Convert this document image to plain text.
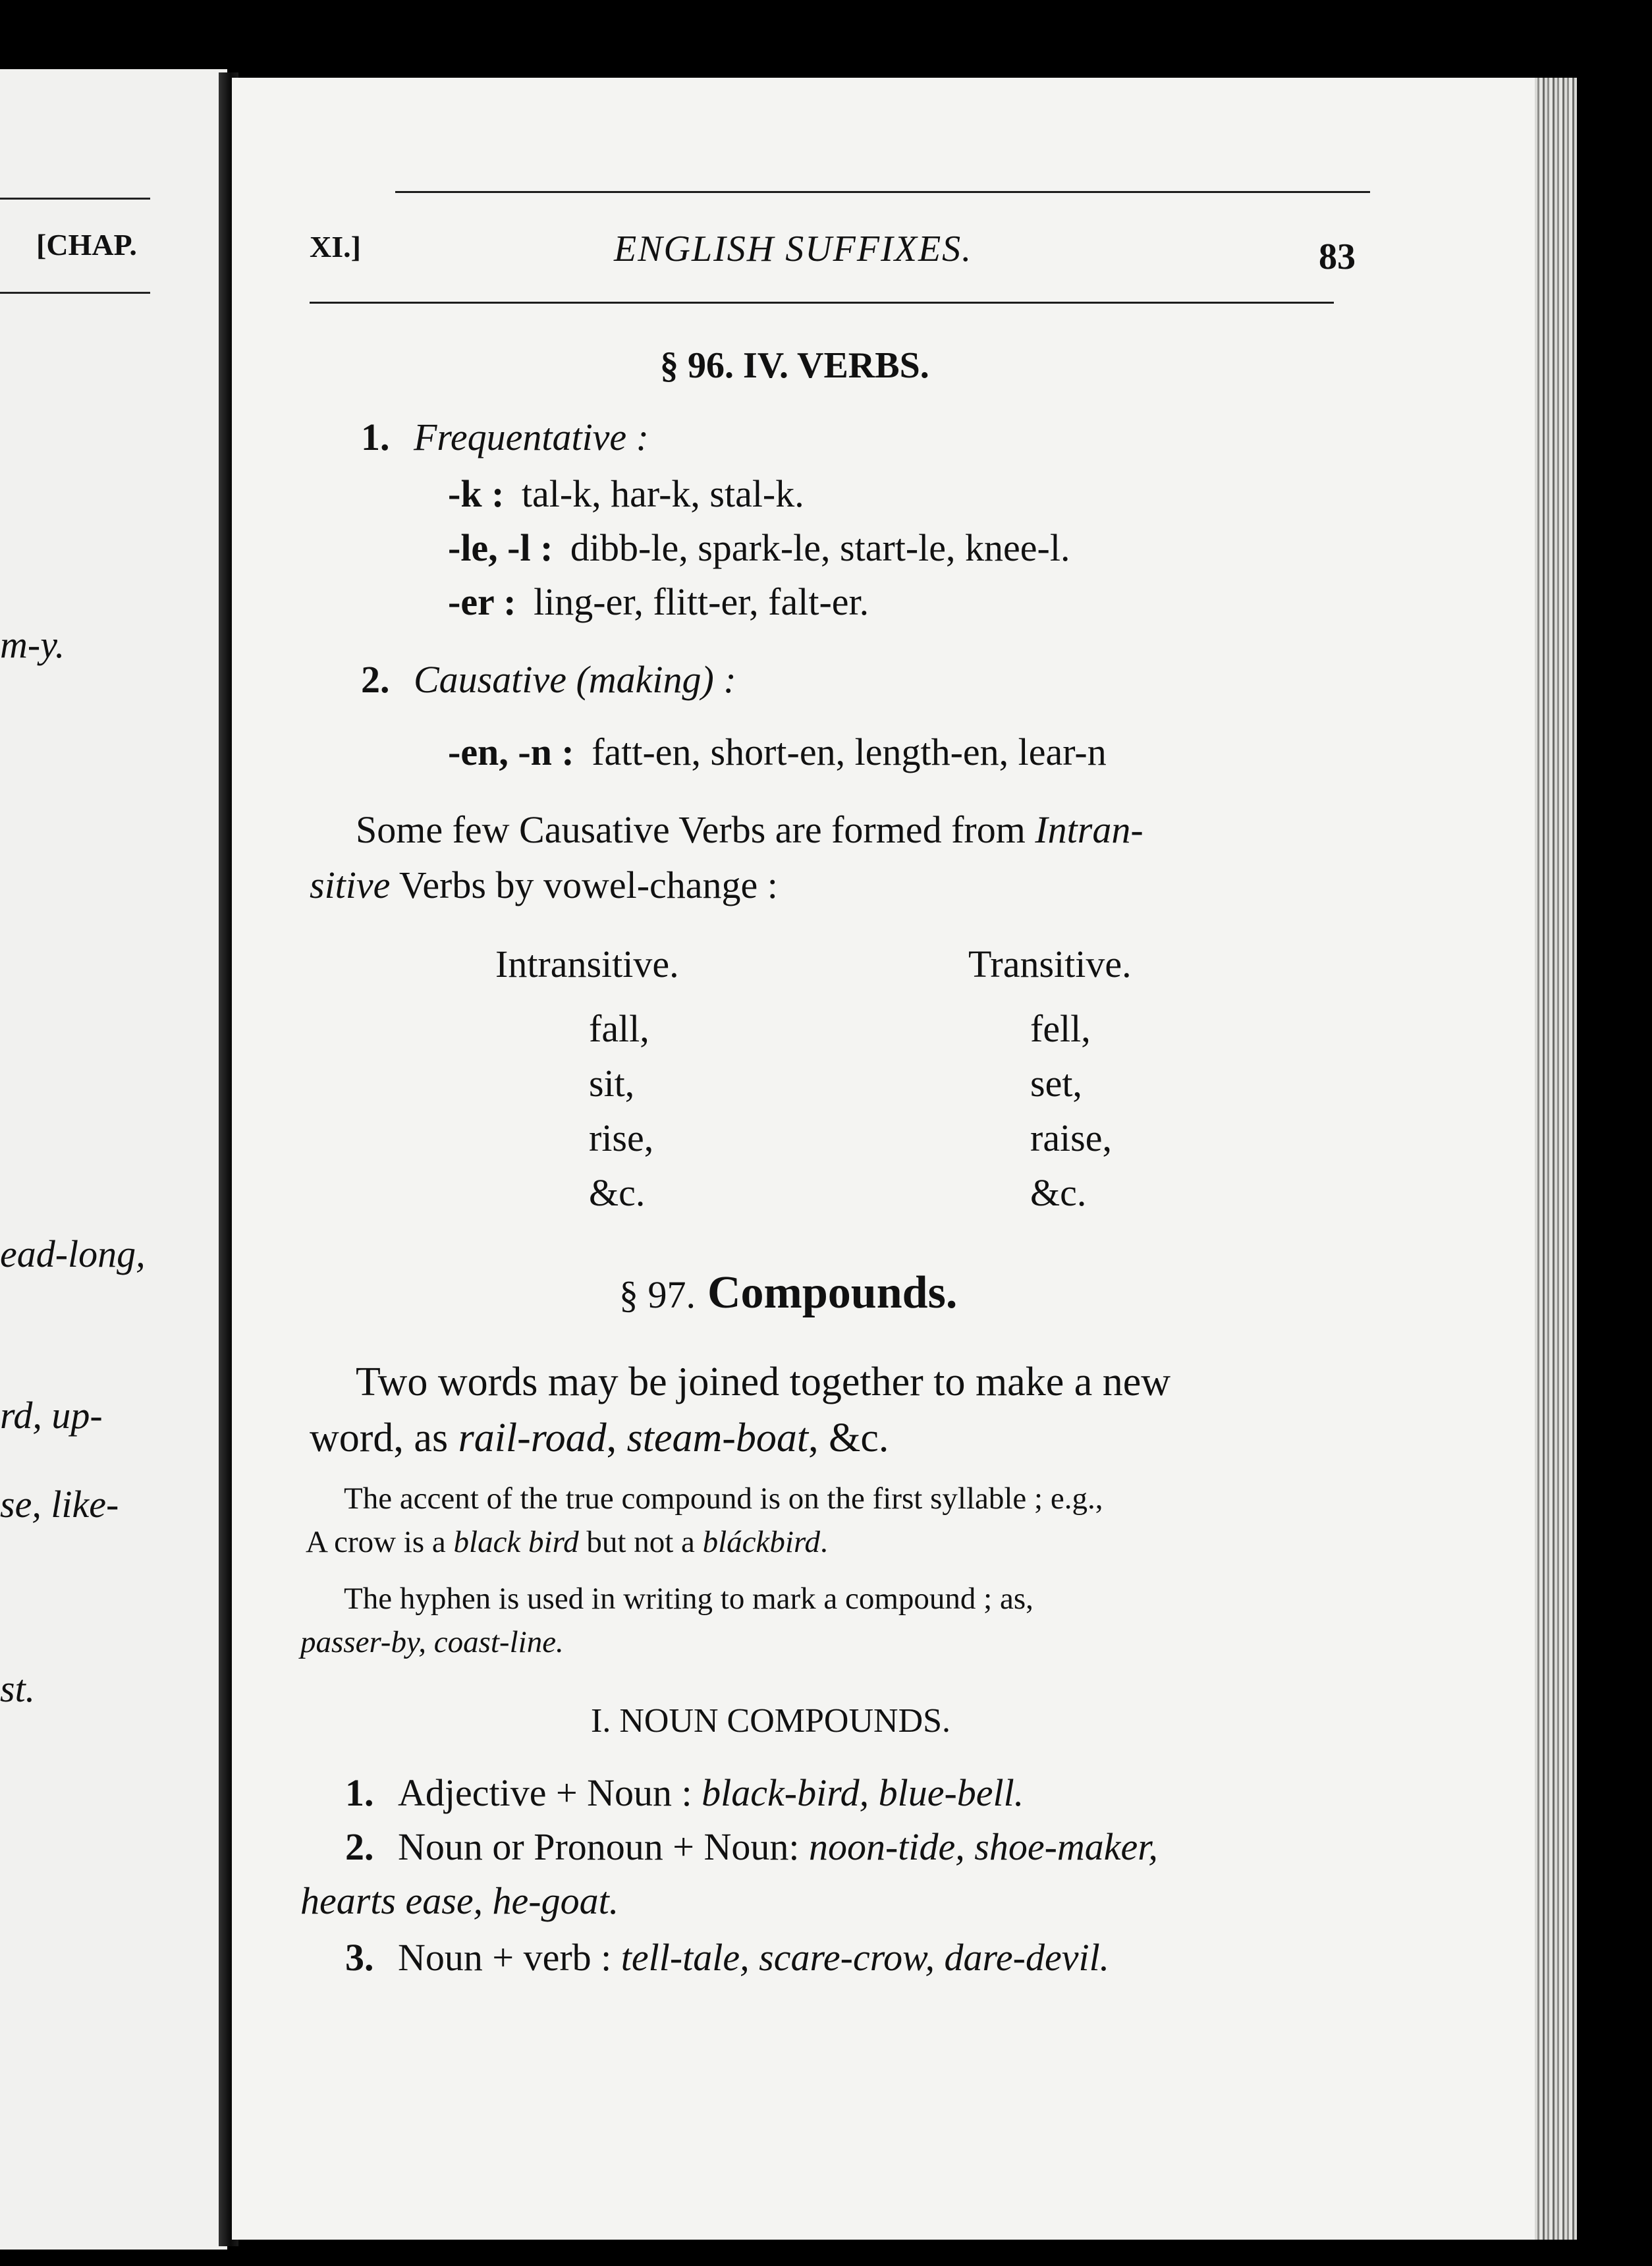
[CHAP.
m-y.
ead-long,
rd, up-
se, like-
st.
XI.]	ENGLISH SUFFIXES.	83
§ 96. IV. VERBS.
1. Frequentative :
-k : tal-k, har-k, stal-k.
-le, -l : dibb-le, spark-le, start-le, knee-l.
-er : ling-er, flitt-er, falt-er.
2. Causative (making) :
-en, -n : fatt-en, short-en, length-en, lear-n
Some few Causative Verbs are formed from Intran-
sitive Verbs by vowel-change :
Intransitive.	Transitive.
fall,	fell,
sit,	set,
rise,	raise,
&c.	&c.
§ 97. Compounds.
Two words may be joined together to make a new
word, as rail-road, steam-boat, &c.
The accent of the true compound is on the first syllable ; e.g.,
A crow is a black bird but not a bláckbird.
The hyphen is used in writing to mark a compound ; as,
passer-by, coast-line.
I. NOUN COMPOUNDS.
1. Adjective + Noun : black-bird, blue-bell.
2. Noun or Pronoun + Noun: noon-tide, shoe-maker,
hearts ease, he-goat.
3. Noun + verb : tell-tale, scare-crow, dare-devil.
